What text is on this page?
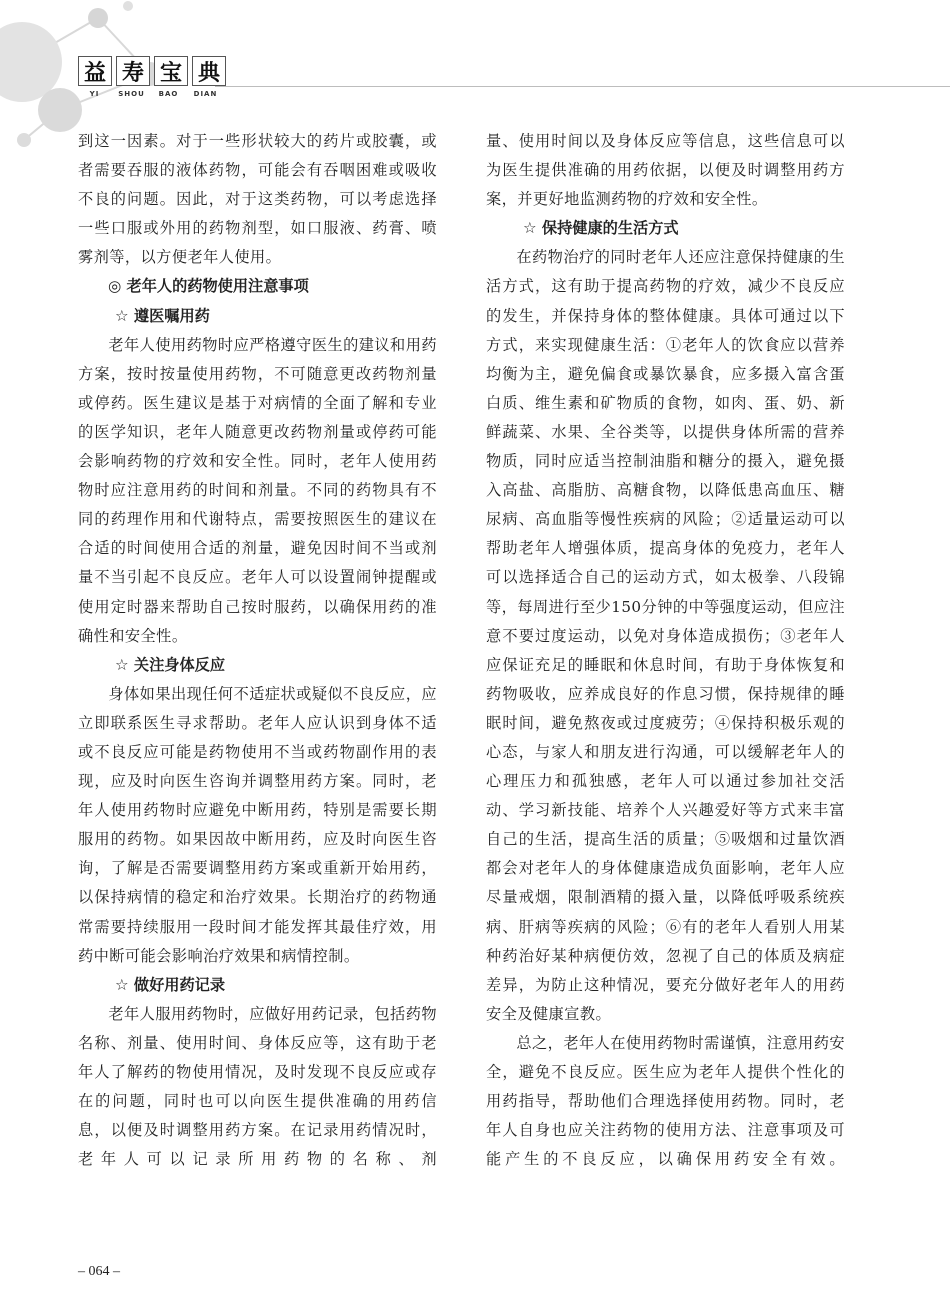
益 寿 宝 典
YI	SHOU	BAO	DIAN

到这一因素。对于一些形状较大的药片或胶囊，或者需要吞服的液体药物，可能会有吞咽困难或吸收不良的问题。因此，对于这类药物，可以考虑选择一些口服或外用的药物剂型，如口服液、药膏、喷雾剂等，以方便老年人使用。

◎ 老年人的药物使用注意事项

☆ 遵医嘱用药

老年人使用药物时应严格遵守医生的建议和用药方案，按时按量使用药物，不可随意更改药物剂量或停药。医生建议是基于对病情的全面了解和专业的医学知识，老年人随意更改药物剂量或停药可能会影响药物的疗效和安全性。同时，老年人使用药物时应注意用药的时间和剂量。不同的药物具有不同的药理作用和代谢特点，需要按照医生的建议在合适的时间使用合适的剂量，避免因时间不当或剂量不当引起不良反应。老年人可以设置闹钟提醒或使用定时器来帮助自己按时服药，以确保用药的准确性和安全性。

☆ 关注身体反应

身体如果出现任何不适症状或疑似不良反应，应立即联系医生寻求帮助。老年人应认识到身体不适或不良反应可能是药物使用不当或药物副作用的表现，应及时向医生咨询并调整用药方案。同时，老年人使用药物时应避免中断用药，特别是需要长期服用的药物。如果因故中断用药，应及时向医生咨询，了解是否需要调整用药方案或重新开始用药，以保持病情的稳定和治疗效果。长期治疗的药物通常需要持续服用一段时间才能发挥其最佳疗效，用药中断可能会影响治疗效果和病情控制。

☆ 做好用药记录

老年人服用药物时，应做好用药记录，包括药物名称、剂量、使用时间、身体反应等，这有助于老年人了解药的物使用情况，及时发现不良反应或存在的问题，同时也可以向医生提供准确的用药信息，以便及时调整用药方案。在记录用药情况时，老年人可以记录所用药物的名称、剂

量、使用时间以及身体反应等信息，这些信息可以为医生提供准确的用药依据，以便及时调整用药方案，并更好地监测药物的疗效和安全性。

☆ 保持健康的生活方式

在药物治疗的同时老年人还应注意保持健康的生活方式，这有助于提高药物的疗效，减少不良反应的发生，并保持身体的整体健康。具体可通过以下方式，来实现健康生活：①老年人的饮食应以营养均衡为主，避免偏食或暴饮暴食，应多摄入富含蛋白质、维生素和矿物质的食物，如肉、蛋、奶、新鲜蔬菜、水果、全谷类等，以提供身体所需的营养物质，同时应适当控制油脂和糖分的摄入，避免摄入高盐、高脂肪、高糖食物，以降低患高血压、糖尿病、高血脂等慢性疾病的风险；②适量运动可以帮助老年人增强体质，提高身体的免疫力，老年人可以选择适合自己的运动方式，如太极拳、八段锦等，每周进行至少150分钟的中等强度运动，但应注意不要过度运动，以免对身体造成损伤；③老年人应保证充足的睡眠和休息时间，有助于身体恢复和药物吸收，应养成良好的作息习惯，保持规律的睡眠时间，避免熬夜或过度疲劳；④保持积极乐观的心态，与家人和朋友进行沟通，可以缓解老年人的心理压力和孤独感，老年人可以通过参加社交活动、学习新技能、培养个人兴趣爱好等方式来丰富自己的生活，提高生活的质量；⑤吸烟和过量饮酒都会对老年人的身体健康造成负面影响，老年人应尽量戒烟，限制酒精的摄入量，以降低呼吸系统疾病、肝病等疾病的风险；⑥有的老年人看别人用某种药治好某种病便仿效，忽视了自己的体质及病症差异，为防止这种情况，要充分做好老年人的用药安全及健康宣教。

总之，老年人在使用药物时需谨慎，注意用药安全，避免不良反应。医生应为老年人提供个性化的用药指导，帮助他们合理选择使用药物。同时，老年人自身也应关注药物的使用方法、注意事项及可能产生的不良反应，以确保用药安全有效。

– 064 –
